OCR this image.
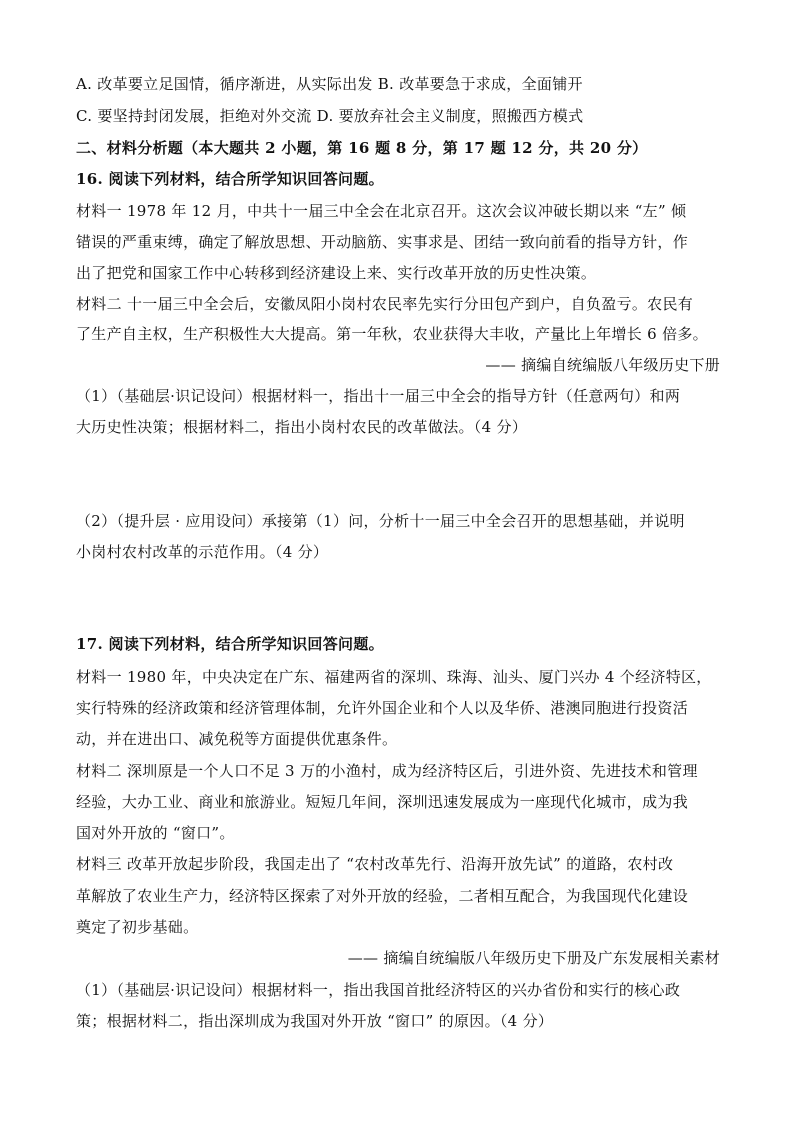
A. 改革要立足国情，循序渐进，从实际出发 B. 改革要急于求成，全面铺开
C. 要坚持封闭发展，拒绝对外交流 D. 要放弃社会主义制度，照搬西方模式
二、材料分析题（本大题共 2 小题，第 16 题 8 分，第 17 题 12 分，共 20 分）
16. 阅读下列材料，结合所学知识回答问题。
材料一 1978 年 12 月，中共十一届三中全会在北京召开。这次会议冲破长期以来 “左” 倾
错误的严重束缚，确定了解放思想、开动脑筋、实事求是、团结一致向前看的指导方针，作
出了把党和国家工作中心转移到经济建设上来、实行改革开放的历史性决策。
材料二 十一届三中全会后，安徽凤阳小岗村农民率先实行分田包产到户，自负盈亏。农民有
了生产自主权，生产积极性大大提高。第一年秋，农业获得大丰收，产量比上年增长 6 倍多。
—— 摘编自统编版八年级历史下册
（1）（基础层·识记设问）根据材料一，指出十一届三中全会的指导方针（任意两句）和两
大历史性决策；根据材料二，指出小岗村农民的改革做法。（4 分）
（2）（提升层 · 应用设问）承接第（1）问，分析十一届三中全会召开的思想基础，并说明
小岗村农村改革的示范作用。（4 分）
17. 阅读下列材料，结合所学知识回答问题。
材料一 1980 年，中央决定在广东、福建两省的深圳、珠海、汕头、厦门兴办 4 个经济特区，
实行特殊的经济政策和经济管理体制，允许外国企业和个人以及华侨、港澳同胞进行投资活
动，并在进出口、减免税等方面提供优惠条件。
材料二 深圳原是一个人口不足 3 万的小渔村，成为经济特区后，引进外资、先进技术和管理
经验，大办工业、商业和旅游业。短短几年间，深圳迅速发展成为一座现代化城市，成为我
国对外开放的 “窗口”。
材料三 改革开放起步阶段，我国走出了 “农村改革先行、沿海开放先试” 的道路，农村改
革解放了农业生产力，经济特区探索了对外开放的经验，二者相互配合，为我国现代化建设
奠定了初步基础。
—— 摘编自统编版八年级历史下册及广东发展相关素材
（1）（基础层·识记设问）根据材料一，指出我国首批经济特区的兴办省份和实行的核心政
策；根据材料二，指出深圳成为我国对外开放 “窗口” 的原因。（4 分）
